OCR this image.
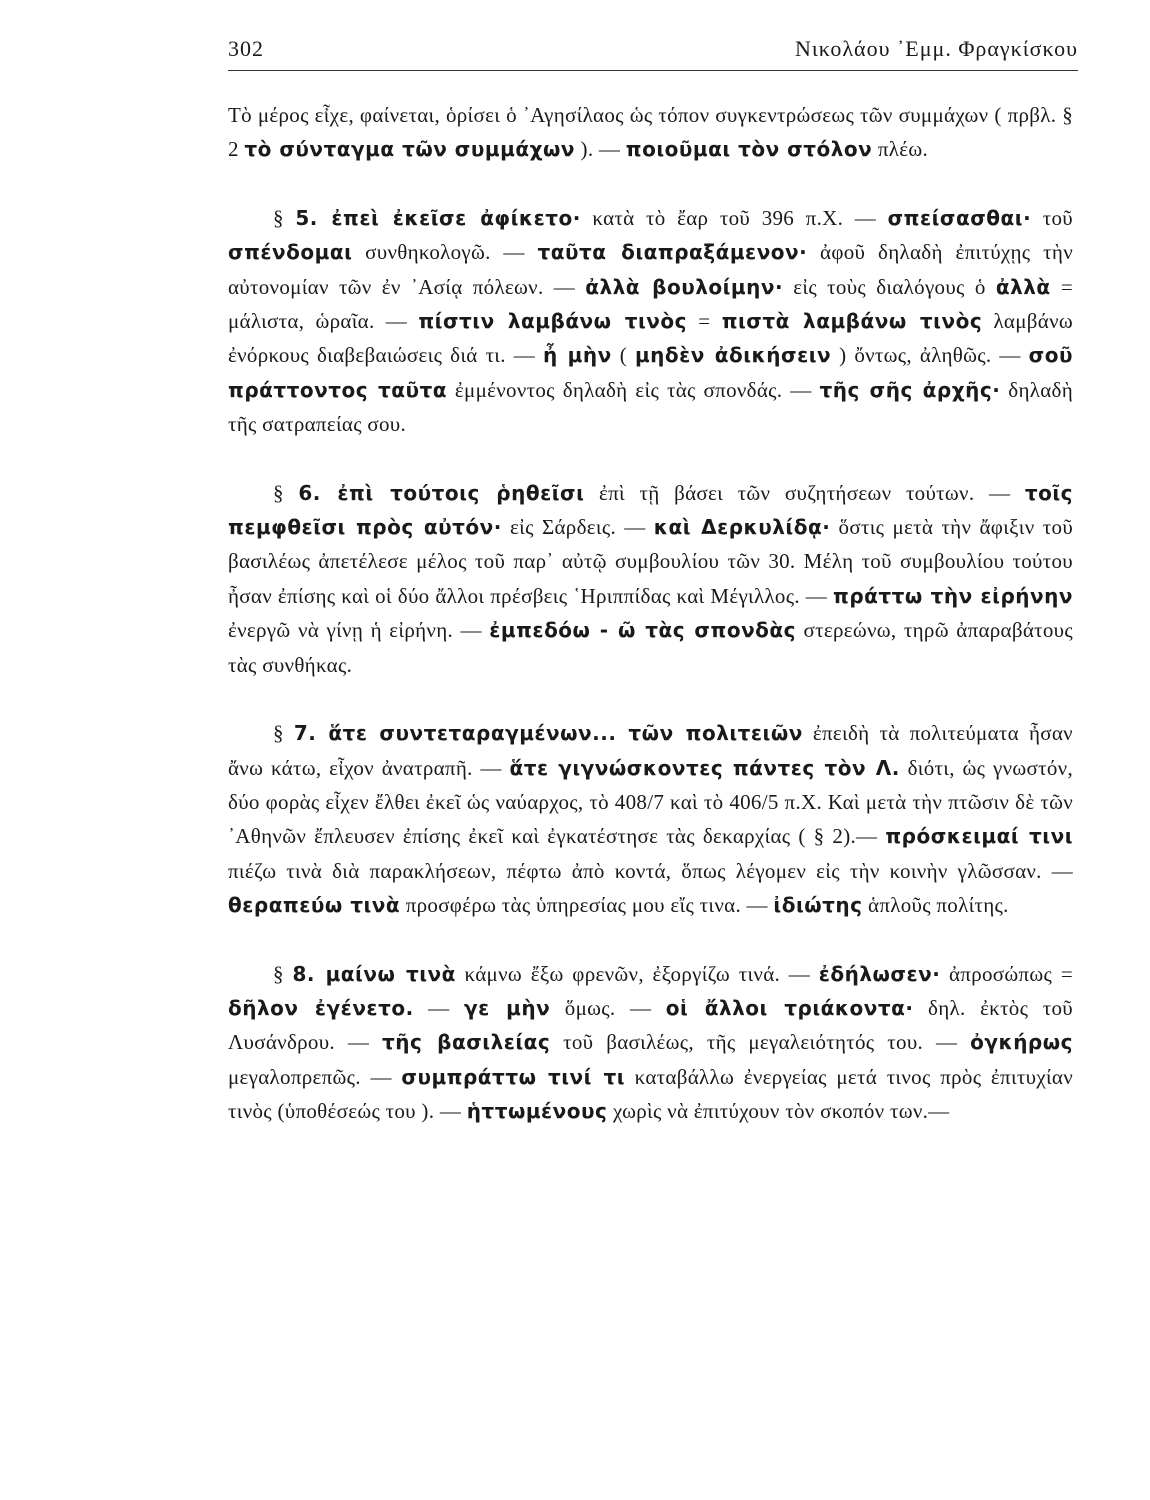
302	Νικολάου ᾿Εμμ. Φραγκίσκου

Τὸ μέρος εἶχε, φαίνεται, ὁρίσει ὁ ᾿Αγησίλαος ὡς τόπον συγκεντρώσεως τῶν συμμάχων ( πρβλ. § 2 τὸ σύνταγμα τῶν συμμάχων ). — ποιοῦμαι τὸν στόλον πλέω.

§ 5. ἐπεὶ ἐκεῖσε ἀφίκετο· κατὰ τὸ ἔαρ τοῦ 396 π.Χ. — σπείσασθαι· τοῦ σπένδομαι συνθηκολογῶ. — ταῦτα διαπραξάμενον· ἀφοῦ δηλαδὴ ἐπιτύχῃς τὴν αὐτονομίαν τῶν ἐν ᾿Ασίᾳ πόλεων. — ἀλλὰ βουλοίμην· εἰς τοὺς διαλόγους ὁ ἀλλὰ = μάλιστα, ὡραῖα. — πίστιν λαμβάνω τινὸς = πιστὰ λαμβάνω τινὸς λαμβάνω ἐνόρκους διαβεβαιώσεις διά τι. — ἦ μὴν ( μηδὲν ἀδικήσειν ) ὄντως, ἀληθῶς. — σοῦ πράττοντος ταῦτα ἐμμένοντος δηλαδὴ εἰς τὰς σπονδάς. — τῆς σῆς ἀρχῆς· δηλαδὴ τῆς σατραπείας σου.

§ 6. ἐπὶ τούτοις ῥηθεῖσι ἐπὶ τῇ βάσει τῶν συζητήσεων τούτων. — τοῖς πεμφθεῖσι πρὸς αὐτόν· εἰς Σάρδεις. — καὶ Δερκυλίδᾳ· ὅστις μετὰ τὴν ἄφιξιν τοῦ βασιλέως ἀπετέλεσε μέλος τοῦ παρ᾿ αὐτῷ συμβουλίου τῶν 30. Μέλη τοῦ συμβουλίου τούτου ἦσαν ἐπίσης καὶ οἱ δύο ἄλλοι πρέσβεις ῾Ηριππίδας καὶ Μέγιλλος. — πράττω τὴν εἰρήνην ἐνεργῶ νὰ γίνῃ ἡ εἰρήνη. — ἐμπεδόω - ῶ τὰς σπονδὰς στερεώνω, τηρῶ ἀπαραβάτους τὰς συνθήκας.

§ 7. ἅτε συντεταραγμένων... τῶν πολιτειῶν ἐπειδὴ τὰ πολιτεύματα ἦσαν ἄνω κάτω, εἶχον ἀνατραπῆ. — ἅτε γιγνώσκοντες πάντες τὸν Λ. διότι, ὡς γνωστόν, δύο φορὰς εἶχεν ἔλθει ἐκεῖ ὡς ναύαρχος, τὸ 408/7 καὶ τὸ 406/5 π.Χ. Καὶ μετὰ τὴν πτῶσιν δὲ τῶν ᾿Αθηνῶν ἔπλευσεν ἐπίσης ἐκεῖ καὶ ἐγκατέστησε τὰς δεκαρχίας ( § 2).— πρόσκειμαί τινι πιέζω τινὰ διὰ παρακλήσεων, πέφτω ἀπὸ κοντά, ὅπως λέγομεν εἰς τὴν κοινὴν γλῶσσαν. — θεραπεύω τινὰ προσφέρω τὰς ὑπηρεσίας μου εἴς τινα. — ἰδιώτης ἁπλοῦς πολίτης.

§ 8. μαίνω τινὰ κάμνω ἔξω φρενῶν, ἐξοργίζω τινά. — ἐδήλωσεν· ἀπροσώπως = δῆλον ἐγένετο. — γε μὴν ὅμως. — οἱ ἄλλοι τριάκοντα· δηλ. ἐκτὸς τοῦ Λυσάνδρου. — τῆς βασιλείας τοῦ βασιλέως, τῆς μεγαλειότητός του. — ὀγκήρως μεγαλοπρεπῶς. — συμπράττω τινί τι καταβάλλω ἐνεργείας μετά τινος πρὸς ἐπιτυχίαν τινὸς (ὑποθέσεώς του ). — ἡττωμένους χωρὶς νὰ ἐπιτύχουν τὸν σκοπόν των.—
